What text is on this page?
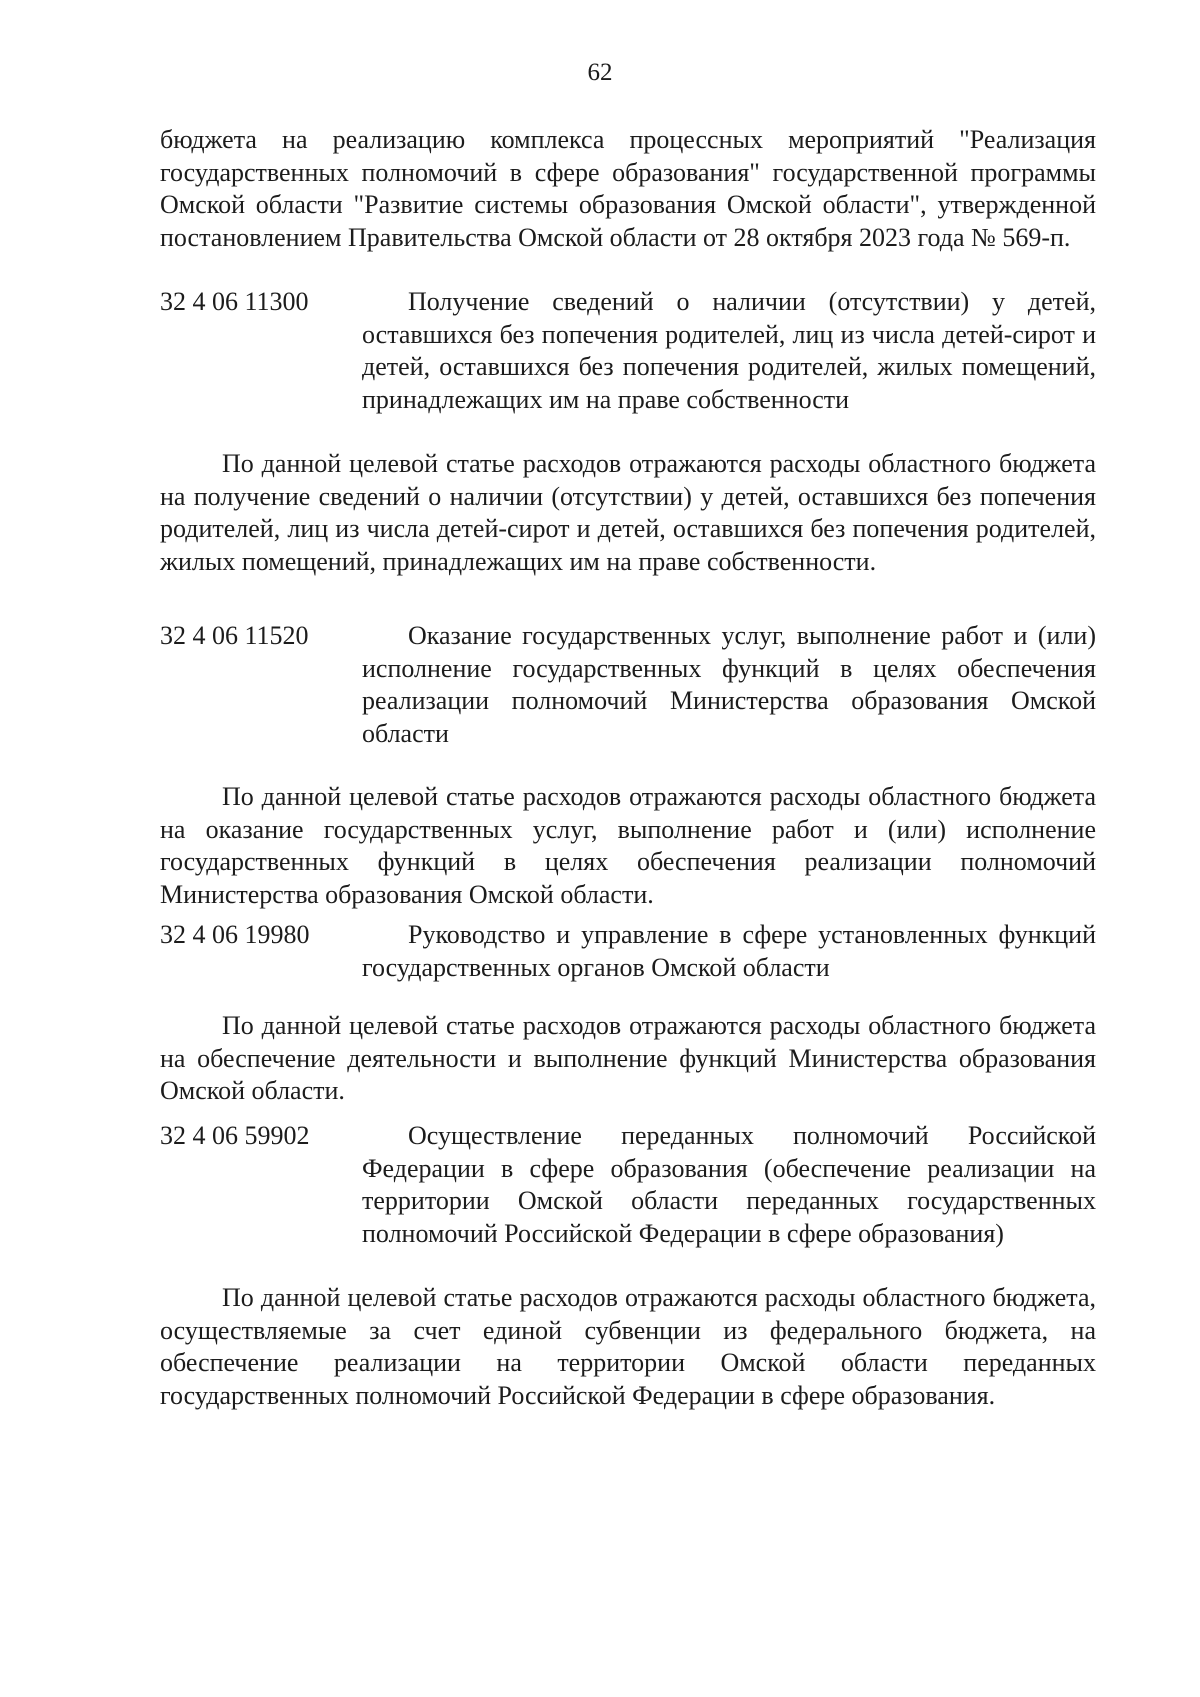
62

бюджета на реализацию комплекса процессных мероприятий "Реализация государственных полномочий в сфере образования" государственной программы Омской области "Развитие системы образования Омской области", утвержденной постановлением Правительства Омской области от 28 октября 2023 года № 569-п.

32 4 06 11300	Получение сведений о наличии (отсутствии) у детей, оставшихся без попечения родителей, лиц из числа детей-сирот и детей, оставшихся без попечения родителей, жилых помещений, принадлежащих им на праве собственности

По данной целевой статье расходов отражаются расходы областного бюджета на получение сведений о наличии (отсутствии) у детей, оставшихся без попечения родителей, лиц из числа детей-сирот и детей, оставшихся без попечения родителей, жилых помещений, принадлежащих им на праве собственности.

32 4 06 11520	Оказание государственных услуг, выполнение работ и (или) исполнение государственных функций в целях обеспечения реализации полномочий Министерства образования Омской области

По данной целевой статье расходов отражаются расходы областного бюджета на оказание государственных услуг, выполнение работ и (или) исполнение государственных функций в целях обеспечения реализации полномочий Министерства образования Омской области.

32 4 06 19980	Руководство и управление в сфере установленных функций государственных органов Омской области

По данной целевой статье расходов отражаются расходы областного бюджета на обеспечение деятельности и выполнение функций Министерства образования Омской области.

32 4 06 59902	Осуществление переданных полномочий Российской Федерации в сфере образования (обеспечение реализации на территории Омской области переданных государственных полномочий Российской Федерации в сфере образования)

По данной целевой статье расходов отражаются расходы областного бюджета, осуществляемые за счет единой субвенции из федерального бюджета, на обеспечение реализации на территории Омской области переданных государственных полномочий Российской Федерации в сфере образования.
